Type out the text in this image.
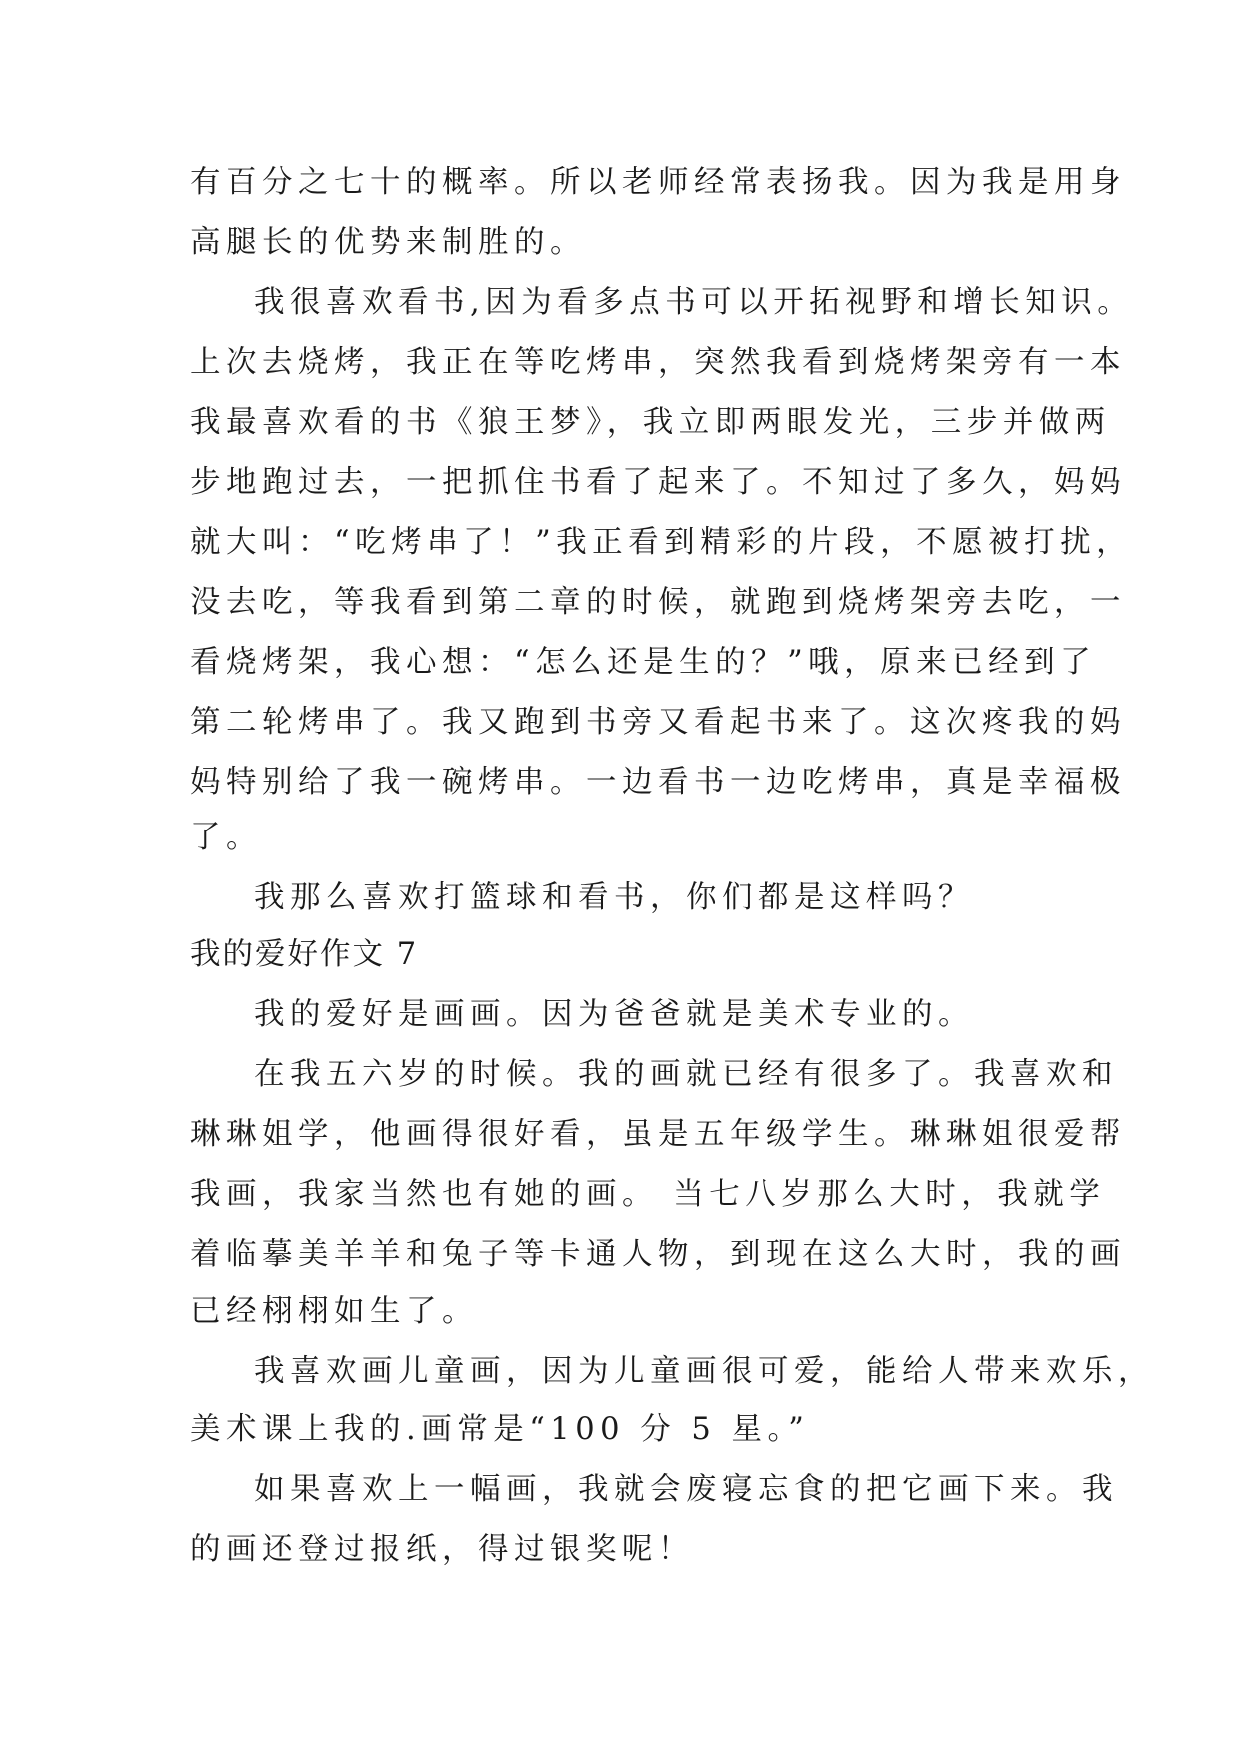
有百分之七十的概率。所以老师经常表扬我。因为我是用身
高腿长的优势来制胜的。
我很喜欢看书,因为看多点书可以开拓视野和增长知识。
上次去烧烤，我正在等吃烤串，突然我看到烧烤架旁有一本
我最喜欢看的书《狼王梦》，我立即两眼发光，三步并做两
步地跑过去，一把抓住书看了起来了。不知过了多久，妈妈
就大叫：“吃烤串了！”我正看到精彩的片段，不愿被打扰，
没去吃，等我看到第二章的时候，就跑到烧烤架旁去吃，一
看烧烤架，我心想：“怎么还是生的？”哦，原来已经到了
第二轮烤串了。我又跑到书旁又看起书来了。这次疼我的妈
妈特别给了我一碗烤串。一边看书一边吃烤串，真是幸福极
了。
我那么喜欢打篮球和看书，你们都是这样吗？
我的爱好作文 7
我的爱好是画画。因为爸爸就是美术专业的。
在我五六岁的时候。我的画就已经有很多了。我喜欢和
琳琳姐学，他画得很好看，虽是五年级学生。琳琳姐很爱帮
我画，我家当然也有她的画。 当七八岁那么大时，我就学
着临摹美羊羊和兔子等卡通人物，到现在这么大时，我的画
已经栩栩如生了。
我喜欢画儿童画，因为儿童画很可爱，能给人带来欢乐，
美术课上我的.画常是“100 分 5 星。”
如果喜欢上一幅画，我就会废寝忘食的把它画下来。我
的画还登过报纸，得过银奖呢！
